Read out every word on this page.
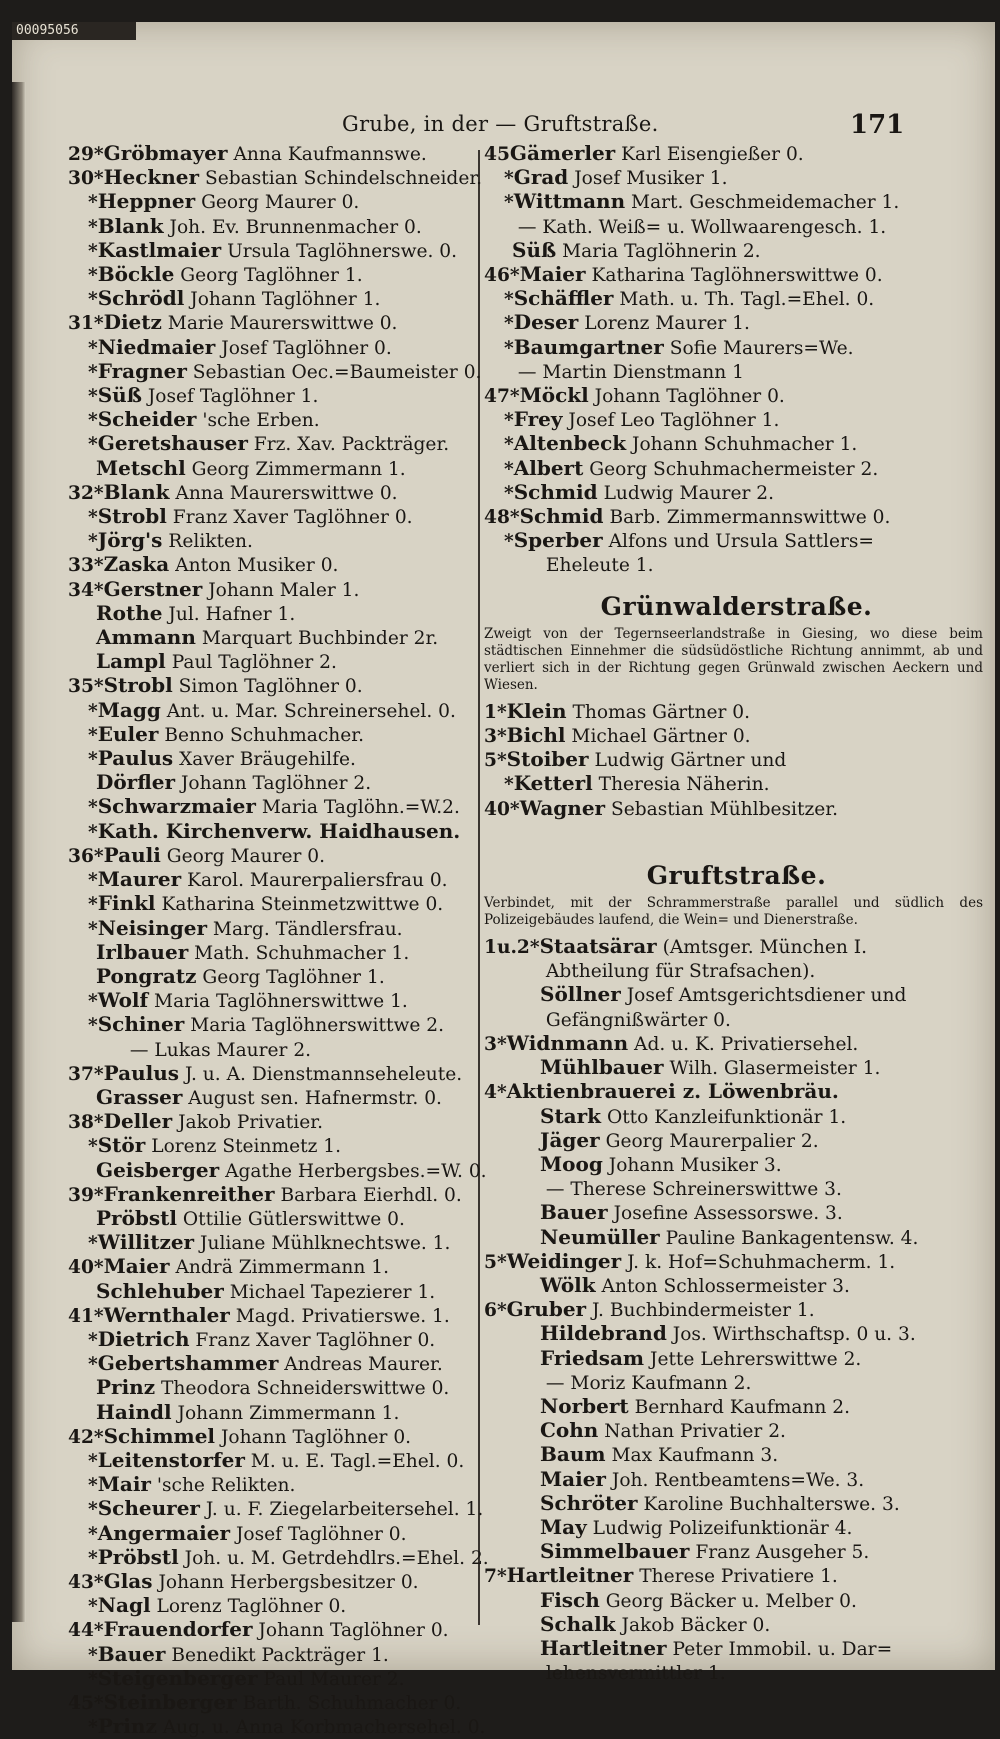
00095056
Grube, in der — Gruftstraße.	171
29*Gröbmayer Anna Kaufmannswe.
30*Heckner Sebastian Schindelschneider.
*Heppner Georg Maurer 0.
*Blank Joh. Ev. Brunnenmacher 0.
*Kastlmaier Ursula Taglöhnerswe. 0.
*Böckle Georg Taglöhner 1.
*Schrödl Johann Taglöhner 1.
31*Dietz Marie Maurerswittwe 0.
*Niedmaier Josef Taglöhner 0.
*Fragner Sebastian Oec.=Baumeister 0.
*Süß Josef Taglöhner 1.
*Scheider 'sche Erben.
*Geretshauser Frz. Xav. Packträger.
Metschl Georg Zimmermann 1.
32*Blank Anna Maurerswittwe 0.
*Strobl Franz Xaver Taglöhner 0.
*Jörg's Relikten.
33*Zaska Anton Musiker 0.
34*Gerstner Johann Maler 1.
Rothe Jul. Hafner 1.
Ammann Marquart Buchbinder 2r.
Lampl Paul Taglöhner 2.
35*Strobl Simon Taglöhner 0.
*Magg Ant. u. Mar. Schreinersehel. 0.
*Euler Benno Schuhmacher.
*Paulus Xaver Bräugehilfe.
Dörfler Johann Taglöhner 2.
*Schwarzmaier Maria Taglöhn.=W.2.
*Kath. Kirchenverw. Haidhausen.
36*Pauli Georg Maurer 0.
*Maurer Karol. Maurerpaliersfrau 0.
*Finkl Katharina Steinmetzwittwe 0.
*Neisinger Marg. Tändlersfrau.
Irlbauer Math. Schuhmacher 1.
Pongratz Georg Taglöhner 1.
*Wolf Maria Taglöhnerswittwe 1.
*Schiner Maria Taglöhnerswittwe 2.
— Lukas Maurer 2.
37*Paulus J. u. A. Dienstmannseheleute.
Grasser August sen. Hafnermstr. 0.
38*Deller Jakob Privatier.
*Stör Lorenz Steinmetz 1.
Geisberger Agathe Herbergsbes.=W. 0.
39*Frankenreither Barbara Eierhdl. 0.
Pröbstl Ottilie Gütlerswittwe 0.
*Willitzer Juliane Mühlknechtswe. 1.
40*Maier Andrä Zimmermann 1.
Schlehuber Michael Tapezierer 1.
41*Wernthaler Magd. Privatierswe. 1.
*Dietrich Franz Xaver Taglöhner 0.
*Gebertshammer Andreas Maurer.
Prinz Theodora Schneiderswittwe 0.
Haindl Johann Zimmermann 1.
42*Schimmel Johann Taglöhner 0.
*Leitenstorfer M. u. E. Tagl.=Ehel. 0.
*Mair 'sche Relikten.
*Scheurer J. u. F. Ziegelarbeitersehel. 1.
*Angermaier Josef Taglöhner 0.
*Pröbstl Joh. u. M. Getrdehdlrs.=Ehel. 2.
43*Glas Johann Herbergsbesitzer 0.
*Nagl Lorenz Taglöhner 0.
44*Frauendorfer Johann Taglöhner 0.
*Bauer Benedikt Packträger 1.
*Steigenberger Paul Maurer 2.
45*Steinberger Barth. Schuhmacher 0.
*Prinz Aug. u. Anna Korbmachersehel. 0.
45Gämerler Karl Eisengießer 0.
*Grad Josef Musiker 1.
*Wittmann Mart. Geschmeidemacher 1.
— Kath. Weiß= u. Wollwaarengesch. 1.
Süß Maria Taglöhnerin 2.
46*Maier Katharina Taglöhnerswittwe 0.
*Schäffler Math. u. Th. Tagl.=Ehel. 0.
*Deser Lorenz Maurer 1.
*Baumgartner Sofie Maurers=We.
— Martin Dienstmann 1
47*Möckl Johann Taglöhner 0.
*Frey Josef Leo Taglöhner 1.
*Altenbeck Johann Schuhmacher 1.
*Albert Georg Schuhmachermeister 2.
*Schmid Ludwig Maurer 2.
48*Schmid Barb. Zimmermannswittwe 0.
*Sperber Alfons und Ursula Sattlers=
Eheleute 1.
Grünwalderstraße.
Zweigt von der Tegernseerlandstraße in Giesing, wo diese beim städtischen Einnehmer die südsüdöstliche Richtung annimmt, ab und verliert sich in der Richtung gegen Grünwald zwischen Aeckern und Wiesen.
1*Klein Thomas Gärtner 0.
3*Bichl Michael Gärtner 0.
5*Stoiber Ludwig Gärtner und
*Ketterl Theresia Näherin.
40*Wagner Sebastian Mühlbesitzer.
Gruftstraße.
Verbindet, mit der Schrammerstraße parallel und südlich des Polizeigebäudes laufend, die Wein= und Dienerstraße.
1u.2*Staatsärar (Amtsger. München I.
Abtheilung für Strafsachen).
Söllner Josef Amtsgerichtsdiener und
Gefängnißwärter 0.
3*Widnmann Ad. u. K. Privatiersehel.
Mühlbauer Wilh. Glasermeister 1.
4*Aktienbrauerei z. Löwenbräu.
Stark Otto Kanzleifunktionär 1.
Jäger Georg Maurerpalier 2.
Moog Johann Musiker 3.
— Therese Schreinerswittwe 3.
Bauer Josefine Assessorswe. 3.
Neumüller Pauline Bankagentensw. 4.
5*Weidinger J. k. Hof=Schuhmacherm. 1.
Wölk Anton Schlossermeister 3.
6*Gruber J. Buchbindermeister 1.
Hildebrand Jos. Wirthschaftsp. 0 u. 3.
Friedsam Jette Lehrerswittwe 2.
— Moriz Kaufmann 2.
Norbert Bernhard Kaufmann 2.
Cohn Nathan Privatier 2.
Baum Max Kaufmann 3.
Maier Joh. Rentbeamtens=We. 3.
Schröter Karoline Buchhalterswe. 3.
May Ludwig Polizeifunktionär 4.
Simmelbauer Franz Ausgeher 5.
7*Hartleitner Therese Privatiere 1.
Fisch Georg Bäcker u. Melber 0.
Schalk Jakob Bäcker 0.
Hartleitner Peter Immobil. u. Dar=
lehensvermittler 1.
